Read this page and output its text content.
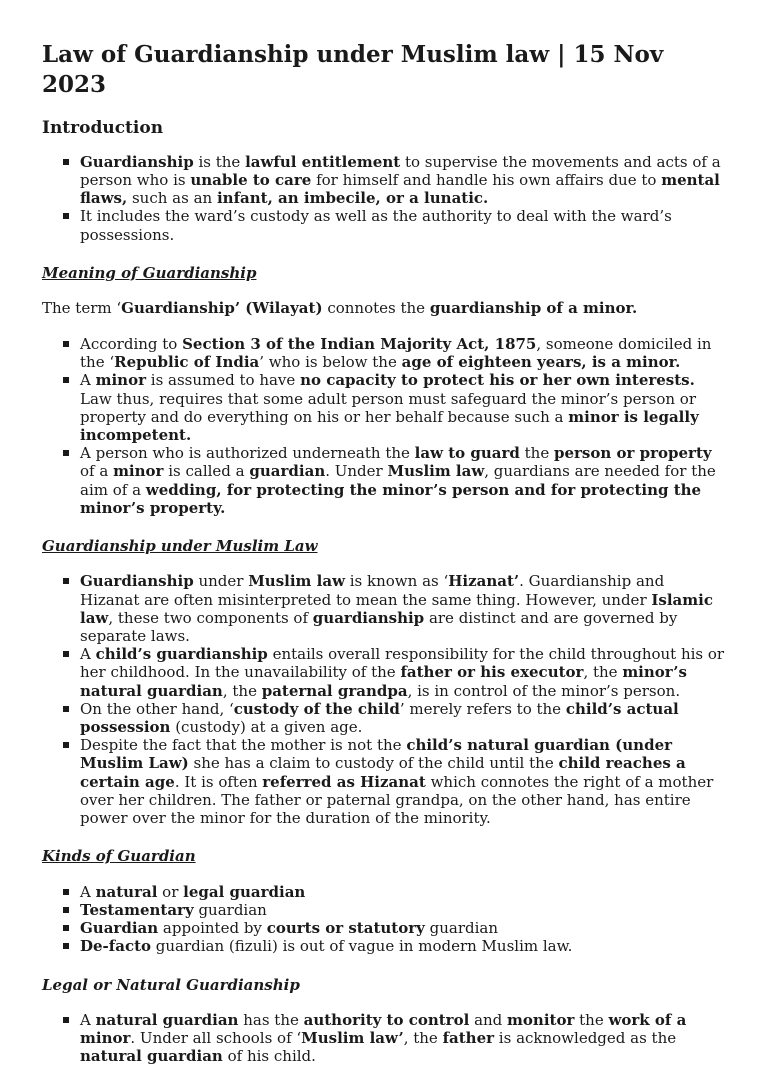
Law of Guardianship under Muslim law | 15 Nov 2023
Introduction
Guardianship is the lawful entitlement to supervise the movements and acts of a person who is unable to care for himself and handle his own affairs due to mental flaws, such as an infant, an imbecile, or a lunatic.
It includes the ward’s custody as well as the authority to deal with the ward’s possessions.
Meaning of Guardianship

The term ‘Guardianship’ (Wilayat) connotes the guardianship of a minor.

According to Section 3 of the Indian Majority Act, 1875, someone domiciled in the ‘Republic of India’ who is below the age of eighteen years, is a minor.
A minor is assumed to have no capacity to protect his or her own interests. Law thus, requires that some adult person must safeguard the minor’s person or property and do everything on his or her behalf because such a minor is legally incompetent.
A person who is authorized underneath the law to guard the person or property of a minor is called a guardian. Under Muslim law, guardians are needed for the aim of a wedding, for protecting the minor’s person and for protecting the minor’s property.
Guardianship under Muslim Law
Guardianship under Muslim law is known as ‘Hizanat’. Guardianship and Hizanat are often misinterpreted to mean the same thing. However, under Islamic law, these two components of guardianship are distinct and are governed by separate laws.
A child’s guardianship entails overall responsibility for the child throughout his or her childhood. In the unavailability of the father or his executor, the minor’s natural guardian, the paternal grandpa, is in control of the minor’s person.
On the other hand, ‘custody of the child’ merely refers to the child’s actual possession (custody) at a given age.
Despite the fact that the mother is not the child’s natural guardian (under Muslim Law) she has a claim to custody of the child until the child reaches a certain age. It is often referred as Hizanat which connotes the right of a mother over her children. The father or paternal grandpa, on the other hand, has entire power over the minor for the duration of the minority.
Kinds of Guardian
A natural or legal guardian
Testamentary guardian
Guardian appointed by courts or statutory guardian
De-facto guardian (fizuli) is out of vague in modern Muslim law.
Legal or Natural Guardianship
A natural guardian has the authority to control and monitor the work of a minor. Under all schools of ‘Muslim law’, the father is acknowledged as the natural guardian of his child.
